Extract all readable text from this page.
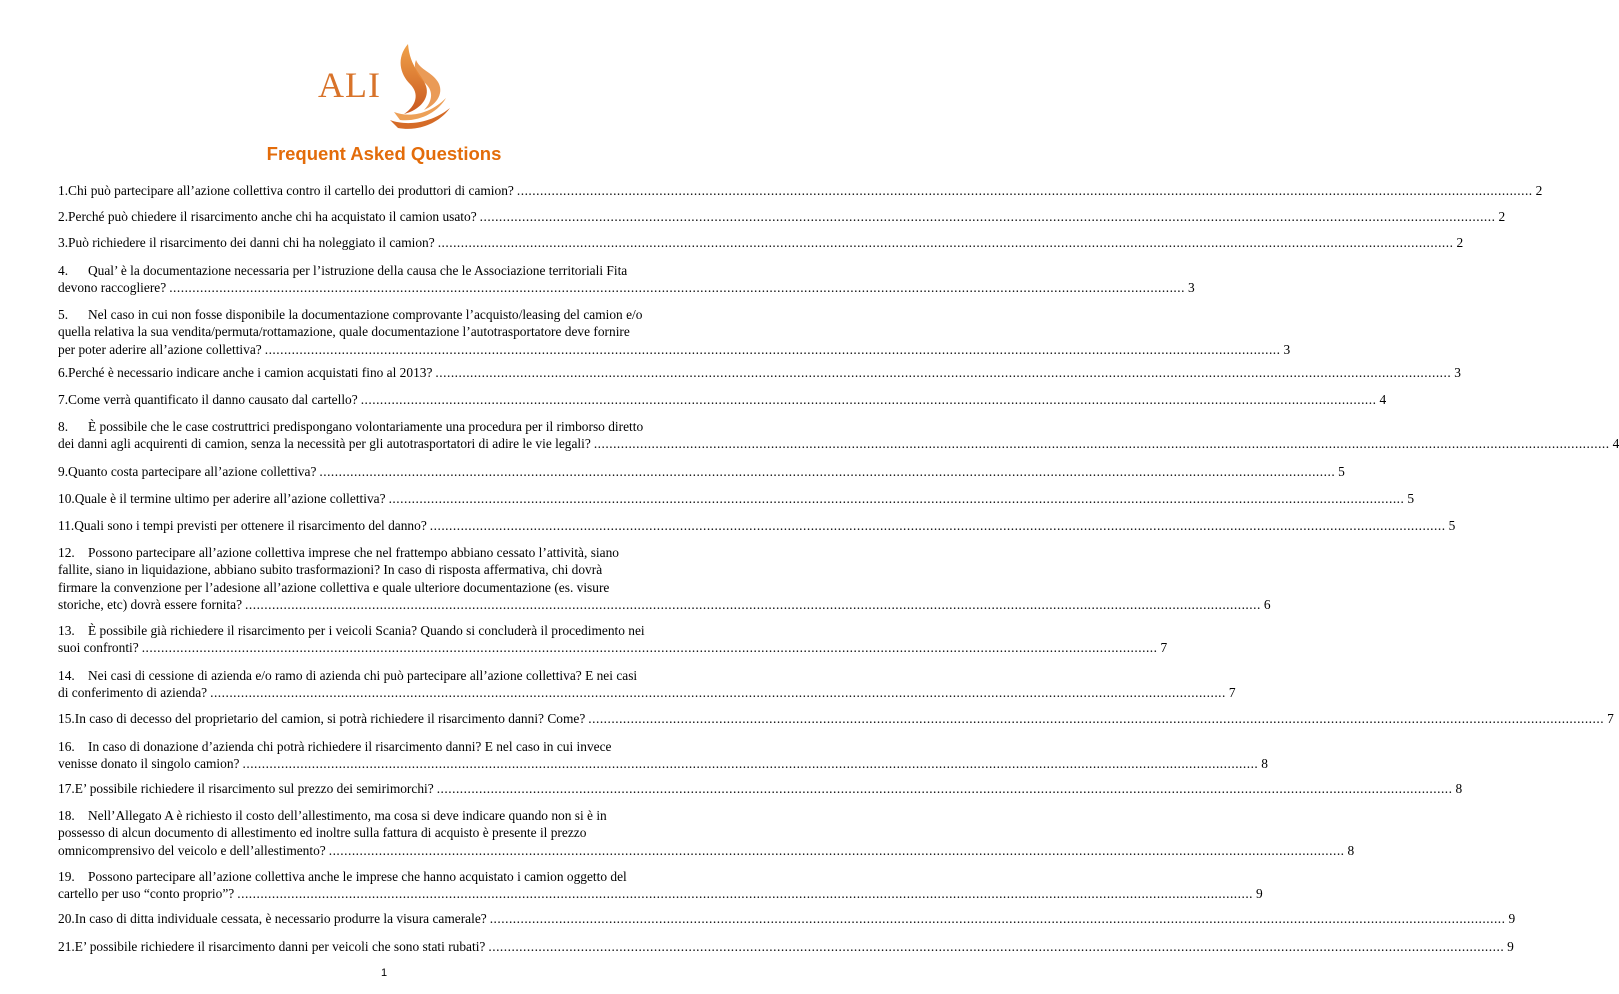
ALI
Frequent Asked Questions
1. Chi può partecipare all’azione collettiva contro il cartello dei produttori di camion? .....	2
2. Perché può chiedere il risarcimento anche chi ha acquistato il camion usato? .....	2
3. Può richiedere il risarcimento dei danni chi ha noleggiato il camion? .....	2
4. Qual’ è la documentazione necessaria per l’istruzione della causa che le Associazione territoriali Fita
devono raccogliere? .....	3
5. Nel caso in cui non fosse disponibile la documentazione comprovante l’acquisto/leasing del camion e/o
quella relativa la sua vendita/permuta/rottamazione, quale documentazione l’autotrasportatore deve fornire
per poter aderire all’azione collettiva? .....	3
6. Perché è necessario indicare anche i camion acquistati fino al 2013? .....	3
7. Come verrà quantificato il danno causato dal cartello? .....	4
8. È possibile che le case costruttrici predispongano volontariamente una procedura per il rimborso diretto
dei danni agli acquirenti di camion, senza la necessità per gli autotrasportatori di adire le vie legali? .....	4
9. Quanto costa partecipare all’azione collettiva? .....	5
10. Quale è il termine ultimo per aderire all’azione collettiva? .....	5
11. Quali sono i tempi previsti per ottenere il risarcimento del danno? .....	5
12. Possono partecipare all’azione collettiva imprese che nel frattempo abbiano cessato l’attività, siano
fallite, siano in liquidazione, abbiano subito trasformazioni? In caso di risposta affermativa, chi dovrà
firmare la convenzione per l’adesione all’azione collettiva e quale ulteriore documentazione (es. visure
storiche, etc) dovrà essere fornita? .....	6
13. È possibile già richiedere il risarcimento per i veicoli Scania? Quando si concluderà il procedimento nei
suoi confronti? .....	7
14. Nei casi di cessione di azienda e/o ramo di azienda chi può partecipare all’azione collettiva? E nei casi
di conferimento di azienda? .....	7
15. In caso di decesso del proprietario del camion, si potrà richiedere il risarcimento danni? Come? .....	7
16. In caso di donazione d’azienda chi potrà richiedere il risarcimento danni? E nel caso in cui invece
venisse donato il singolo camion? .....	8
17. E’ possibile richiedere il risarcimento sul prezzo dei semirimorchi? .....	8
18. Nell’Allegato A è richiesto il costo dell’allestimento, ma cosa si deve indicare quando non si è in
possesso di alcun documento di allestimento ed inoltre sulla fattura di acquisto è presente il prezzo
omnicomprensivo del veicolo e dell’allestimento? .....	8
19. Possono partecipare all’azione collettiva anche le imprese che hanno acquistato i camion oggetto del
cartello per uso “conto proprio”? .....	9
20. In caso di ditta individuale cessata, è necessario produrre la visura camerale? .....	9
21. E’ possibile richiedere il risarcimento danni per veicoli che sono stati rubati? .....	9
1
